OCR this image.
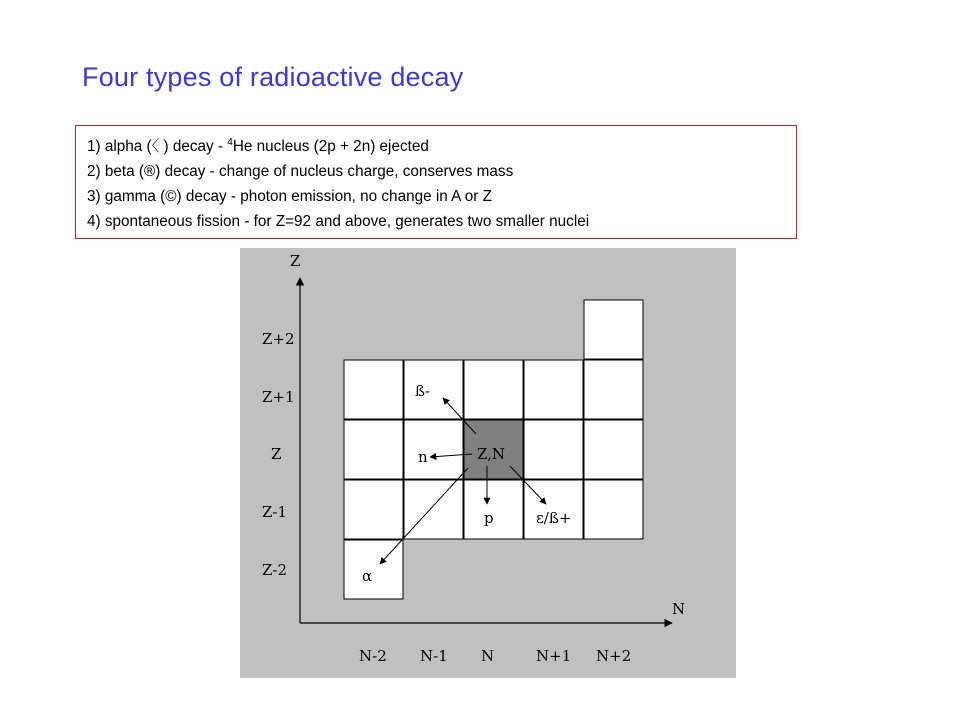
Four types of radioactive decay
1) alpha (〈 ) decay - $^4$He nucleus (2p + 2n) ejected
2) beta (®) decay - change of nucleus charge, conserves mass
3) gamma (©) decay - photon emission, no change in A or Z
4) spontaneous fission - for Z=92 and above, generates two smaller nuclei
Z
N
Z+2
Z+1
Z
Z-1
Z-2
N-2 N-1 N	N+1 N+2
Z,N
ß-
n
p	ε/ß+
α
